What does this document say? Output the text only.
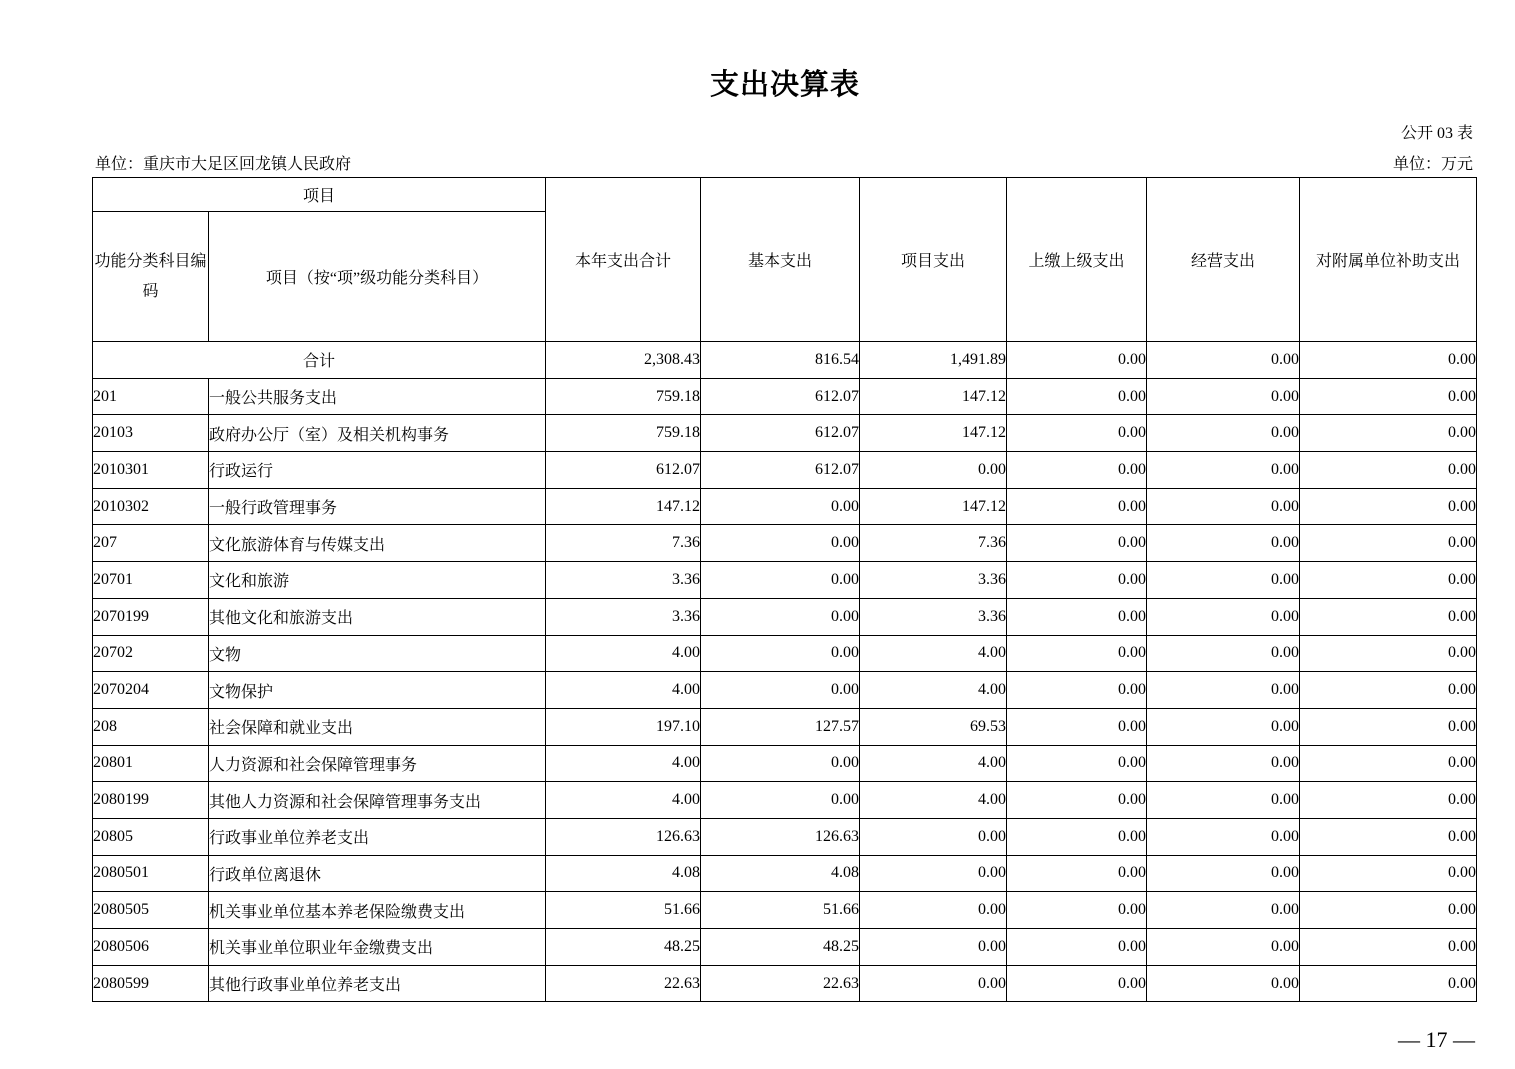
支出决算表
公开 03 表
单位：重庆市大足区回龙镇人民政府	单位：万元
项目		本年支出合计	基本支出	项目支出	上缴上级支出	经营支出	对附属单位补助支出
功能分类科目编码	项目（按“项”级功能分类科目）						
合计		2,308.43	816.54	1,491.89	0.00	0.00	0.00
201	一般公共服务支出	759.18	612.07	147.12	0.00	0.00	0.00
20103	政府办公厅（室）及相关机构事务	759.18	612.07	147.12	0.00	0.00	0.00
2010301	行政运行	612.07	612.07	0.00	0.00	0.00	0.00
2010302	一般行政管理事务	147.12	0.00	147.12	0.00	0.00	0.00
207	文化旅游体育与传媒支出	7.36	0.00	7.36	0.00	0.00	0.00
20701	文化和旅游	3.36	0.00	3.36	0.00	0.00	0.00
2070199	其他文化和旅游支出	3.36	0.00	3.36	0.00	0.00	0.00
20702	文物	4.00	0.00	4.00	0.00	0.00	0.00
2070204	文物保护	4.00	0.00	4.00	0.00	0.00	0.00
208	社会保障和就业支出	197.10	127.57	69.53	0.00	0.00	0.00
20801	人力资源和社会保障管理事务	4.00	0.00	4.00	0.00	0.00	0.00
2080199	其他人力资源和社会保障管理事务支出	4.00	0.00	4.00	0.00	0.00	0.00
20805	行政事业单位养老支出	126.63	126.63	0.00	0.00	0.00	0.00
2080501	行政单位离退休	4.08	4.08	0.00	0.00	0.00	0.00
2080505	机关事业单位基本养老保险缴费支出	51.66	51.66	0.00	0.00	0.00	0.00
2080506	机关事业单位职业年金缴费支出	48.25	48.25	0.00	0.00	0.00	0.00
2080599	其他行政事业单位养老支出	22.63	22.63	0.00	0.00	0.00	0.00
— 17 —
